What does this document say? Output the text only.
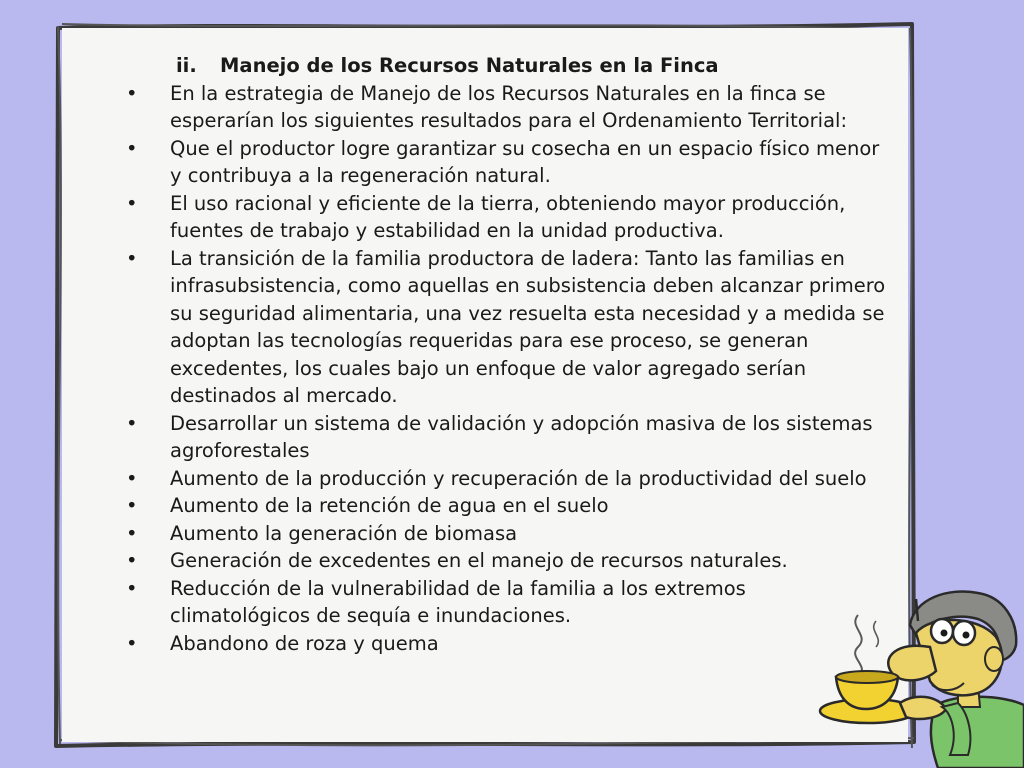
ii. Manejo de los Recursos Naturales en la Finca
• En la estrategia de Manejo de los Recursos Naturales en la finca se esperarían los siguientes resultados para el Ordenamiento Territorial:
• Que el productor logre garantizar su cosecha en un espacio físico menor y contribuya a la regeneración natural.
• El uso racional y eficiente de la tierra, obteniendo mayor producción, fuentes de trabajo y estabilidad en la unidad productiva.
• La transición de la familia productora de ladera: Tanto las familias en infrasubsistencia, como aquellas en subsistencia deben alcanzar primero su seguridad alimentaria, una vez resuelta esta necesidad y a medida se adoptan las tecnologías requeridas para ese proceso, se generan excedentes, los cuales bajo un enfoque de valor agregado serían destinados al mercado.
• Desarrollar un sistema de validación y adopción masiva de los sistemas agroforestales
• Aumento de la producción y recuperación de la productividad del suelo
• Aumento de la retención de agua en el suelo
• Aumento la generación de biomasa
• Generación de excedentes en el manejo de recursos naturales.
• Reducción de la vulnerabilidad de la familia a los extremos climatológicos de sequía e inundaciones.
• Abandono de roza y quema
